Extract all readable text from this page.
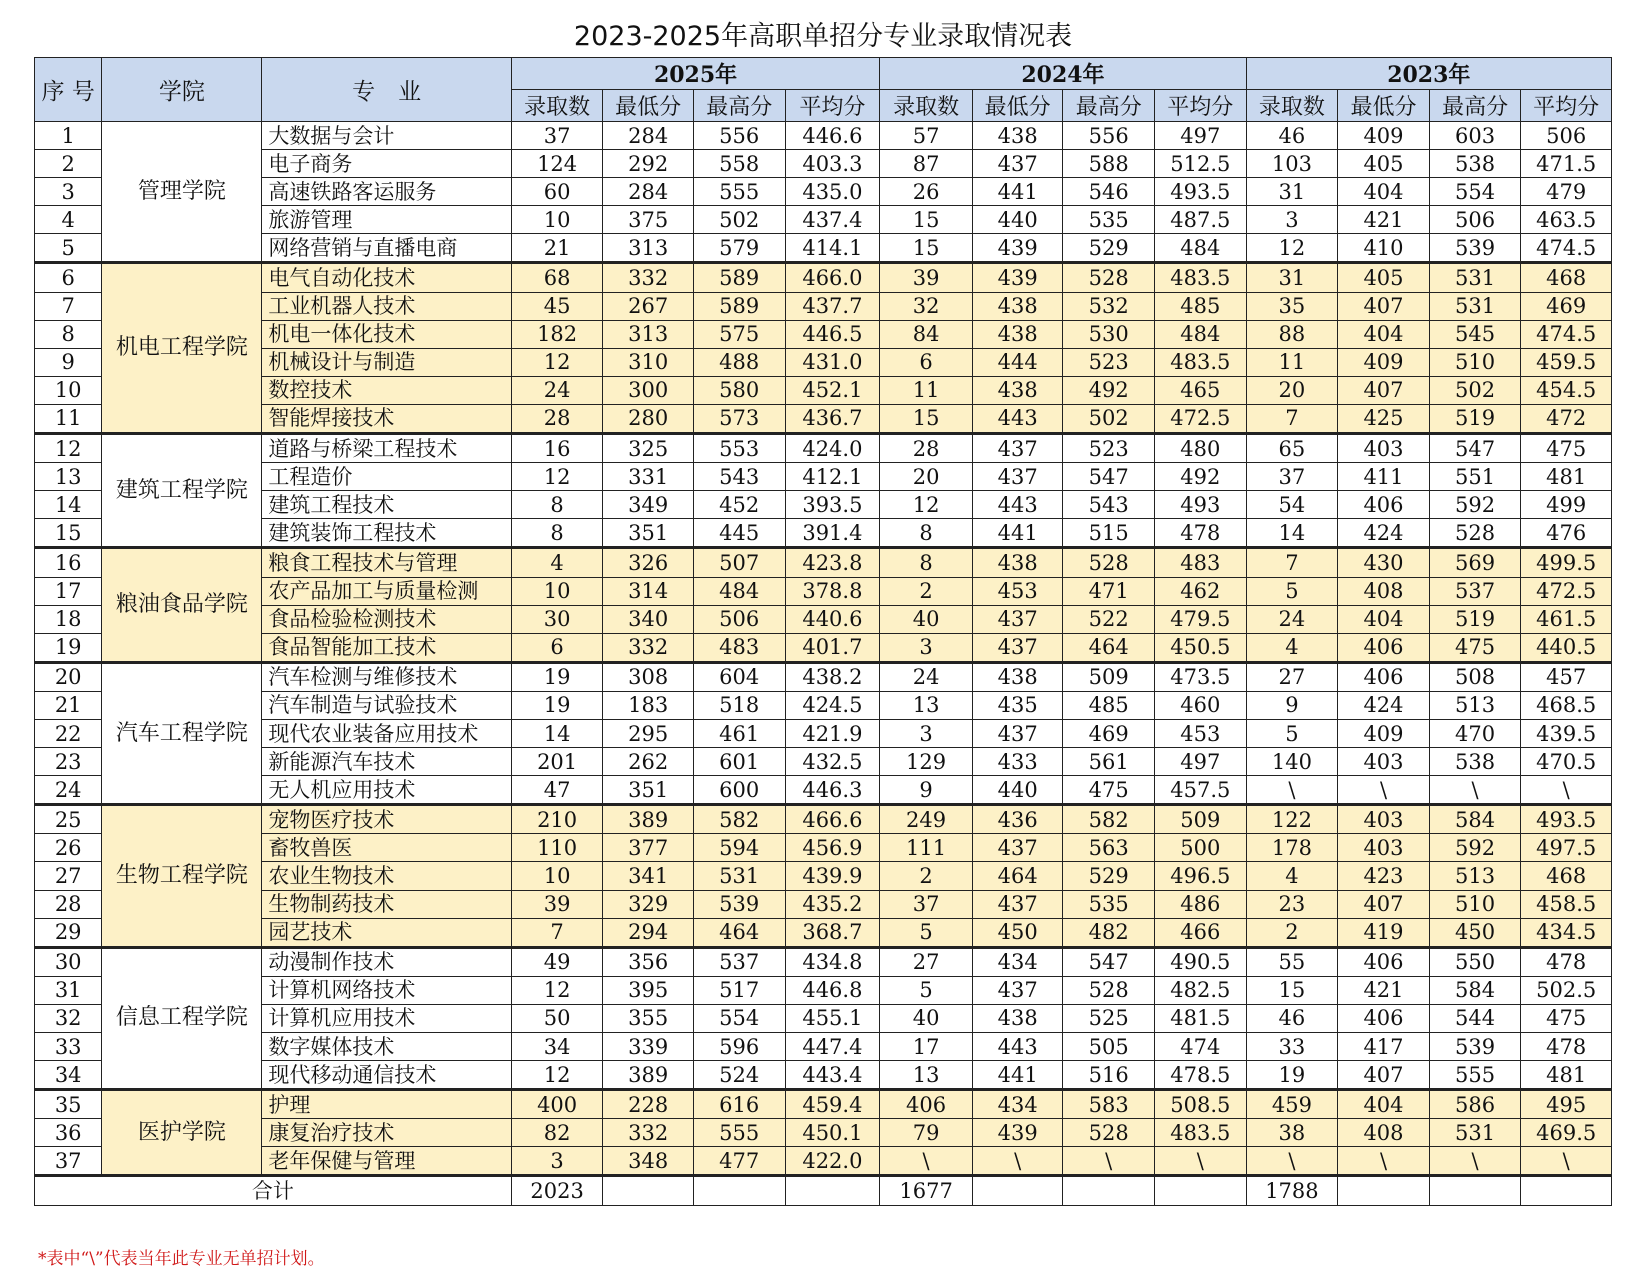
2023-2025年高职单招分专业录取情况表
序 号	学院	专　业	2025年				2024年				2023年			
			录取数	最低分	最高分	平均分	录取数	最低分	最高分	平均分	录取数	最低分	最高分	平均分
1	管理学院	大数据与会计	37	284	556	446.6	57	438	556	497	46	409	603	506
2		电子商务	124	292	558	403.3	87	437	588	512.5	103	405	538	471.5
3		高速铁路客运服务	60	284	555	435.0	26	441	546	493.5	31	404	554	479
4		旅游管理	10	375	502	437.4	15	440	535	487.5	3	421	506	463.5
5		网络营销与直播电商	21	313	579	414.1	15	439	529	484	12	410	539	474.5
6	机电工程学院	电气自动化技术	68	332	589	466.0	39	439	528	483.5	31	405	531	468
7		工业机器人技术	45	267	589	437.7	32	438	532	485	35	407	531	469
8		机电一体化技术	182	313	575	446.5	84	438	530	484	88	404	545	474.5
9		机械设计与制造	12	310	488	431.0	6	444	523	483.5	11	409	510	459.5
10		数控技术	24	300	580	452.1	11	438	492	465	20	407	502	454.5
11		智能焊接技术	28	280	573	436.7	15	443	502	472.5	7	425	519	472
12	建筑工程学院	道路与桥梁工程技术	16	325	553	424.0	28	437	523	480	65	403	547	475
13		工程造价	12	331	543	412.1	20	437	547	492	37	411	551	481
14		建筑工程技术	8	349	452	393.5	12	443	543	493	54	406	592	499
15		建筑装饰工程技术	8	351	445	391.4	8	441	515	478	14	424	528	476
16	粮油食品学院	粮食工程技术与管理	4	326	507	423.8	8	438	528	483	7	430	569	499.5
17		农产品加工与质量检测	10	314	484	378.8	2	453	471	462	5	408	537	472.5
18		食品检验检测技术	30	340	506	440.6	40	437	522	479.5	24	404	519	461.5
19		食品智能加工技术	6	332	483	401.7	3	437	464	450.5	4	406	475	440.5
20	汽车工程学院	汽车检测与维修技术	19	308	604	438.2	24	438	509	473.5	27	406	508	457
21		汽车制造与试验技术	19	183	518	424.5	13	435	485	460	9	424	513	468.5
22		现代农业装备应用技术	14	295	461	421.9	3	437	469	453	5	409	470	439.5
23		新能源汽车技术	201	262	601	432.5	129	433	561	497	140	403	538	470.5
24		无人机应用技术	47	351	600	446.3	9	440	475	457.5	\	\	\	\
25	生物工程学院	宠物医疗技术	210	389	582	466.6	249	436	582	509	122	403	584	493.5
26		畜牧兽医	110	377	594	456.9	111	437	563	500	178	403	592	497.5
27		农业生物技术	10	341	531	439.9	2	464	529	496.5	4	423	513	468
28		生物制药技术	39	329	539	435.2	37	437	535	486	23	407	510	458.5
29		园艺技术	7	294	464	368.7	5	450	482	466	2	419	450	434.5
30	信息工程学院	动漫制作技术	49	356	537	434.8	27	434	547	490.5	55	406	550	478
31		计算机网络技术	12	395	517	446.8	5	437	528	482.5	15	421	584	502.5
32		计算机应用技术	50	355	554	455.1	40	438	525	481.5	46	406	544	475
33		数字媒体技术	34	339	596	447.4	17	443	505	474	33	417	539	478
34		现代移动通信技术	12	389	524	443.4	13	441	516	478.5	19	407	555	481
35	医护学院	护理	400	228	616	459.4	406	434	583	508.5	459	404	586	495
36		康复治疗技术	82	332	555	450.1	79	439	528	483.5	38	408	531	469.5
37		老年保健与管理	3	348	477	422.0	\	\	\	\	\	\	\	\
合计			2023				1677				1788			
*表中“\”代表当年此专业无单招计划。
